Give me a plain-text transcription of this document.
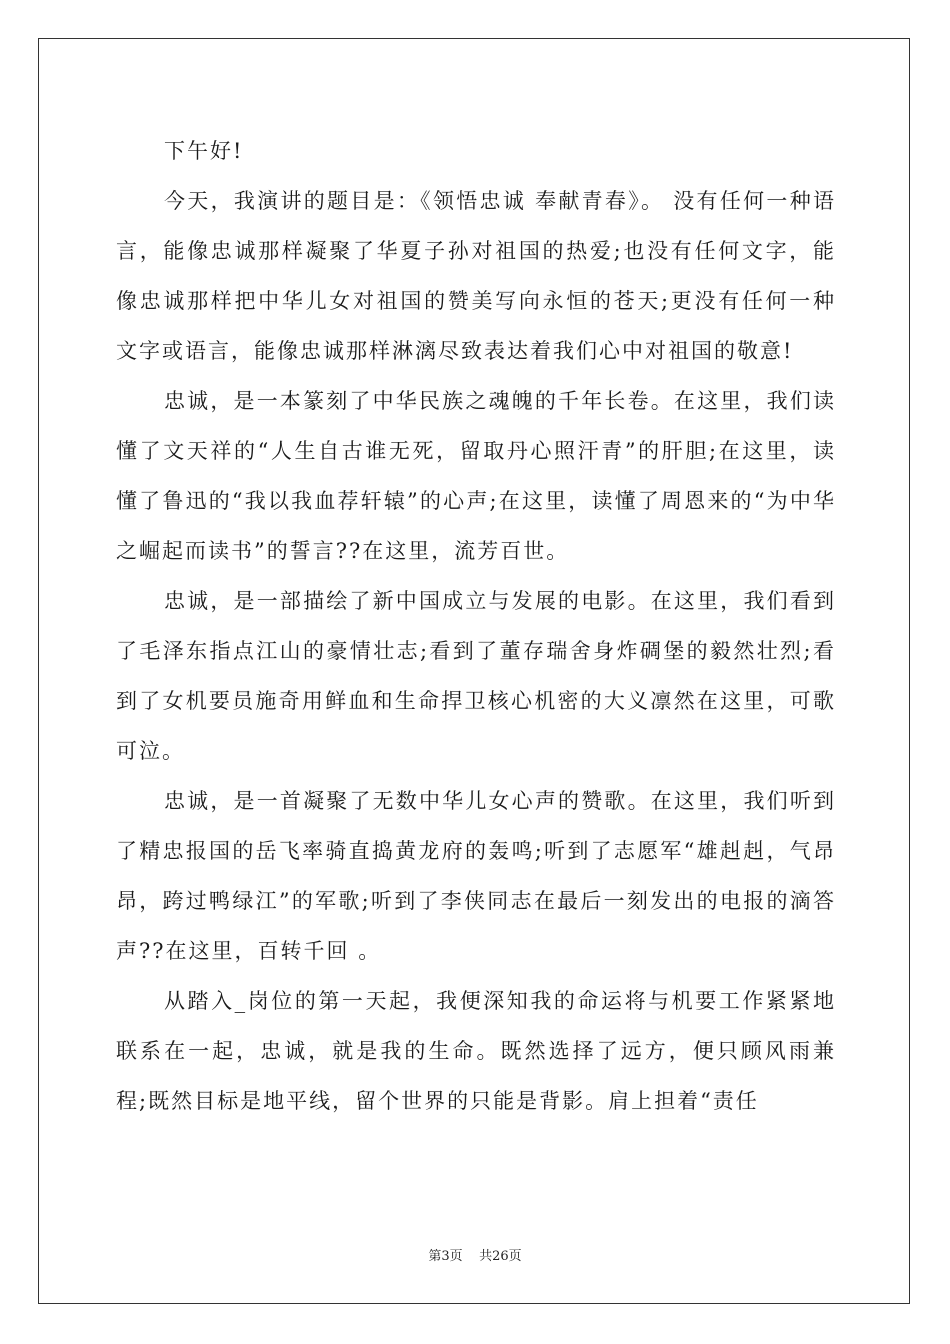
下午好!

今天，我演讲的题目是：《领悟忠诚 奉献青春》。 没有任何一种语言，能像忠诚那样凝聚了华夏子孙对祖国的热爱;也没有任何文字，能像忠诚那样把中华儿女对祖国的赞美写向永恒的苍天;更没有任何一种文字或语言，能像忠诚那样淋漓尽致表达着我们心中对祖国的敬意!

忠诚，是一本篆刻了中华民族之魂魄的千年长卷。在这里，我们读懂了文天祥的“人生自古谁无死，留取丹心照汗青”的肝胆;在这里，读懂了鲁迅的“我以我血荐轩辕”的心声;在这里，读懂了周恩来的“为中华之崛起而读书”的誓言??在这里，流芳百世。

忠诚，是一部描绘了新中国成立与发展的电影。在这里，我们看到了毛泽东指点江山的豪情壮志;看到了董存瑞舍身炸碉堡的毅然壮烈;看到了女机要员施奇用鲜血和生命捍卫核心机密的大义凛然在这里，可歌可泣。

忠诚，是一首凝聚了无数中华儿女心声的赞歌。在这里，我们听到了精忠报国的岳飞率骑直捣黄龙府的轰鸣;听到了志愿军“雄赳赳，气昂昂，跨过鸭绿江”的军歌;听到了李侠同志在最后一刻发出的电报的滴答声??在这里，百转千回 。

从踏入_岗位的第一天起，我便深知我的命运将与机要工作紧紧地联系在一起，忠诚，就是我的生命。既然选择了远方，便只顾风雨兼程;既然目标是地平线，留个世界的只能是背影。肩上担着“责任

第3页 共26页
